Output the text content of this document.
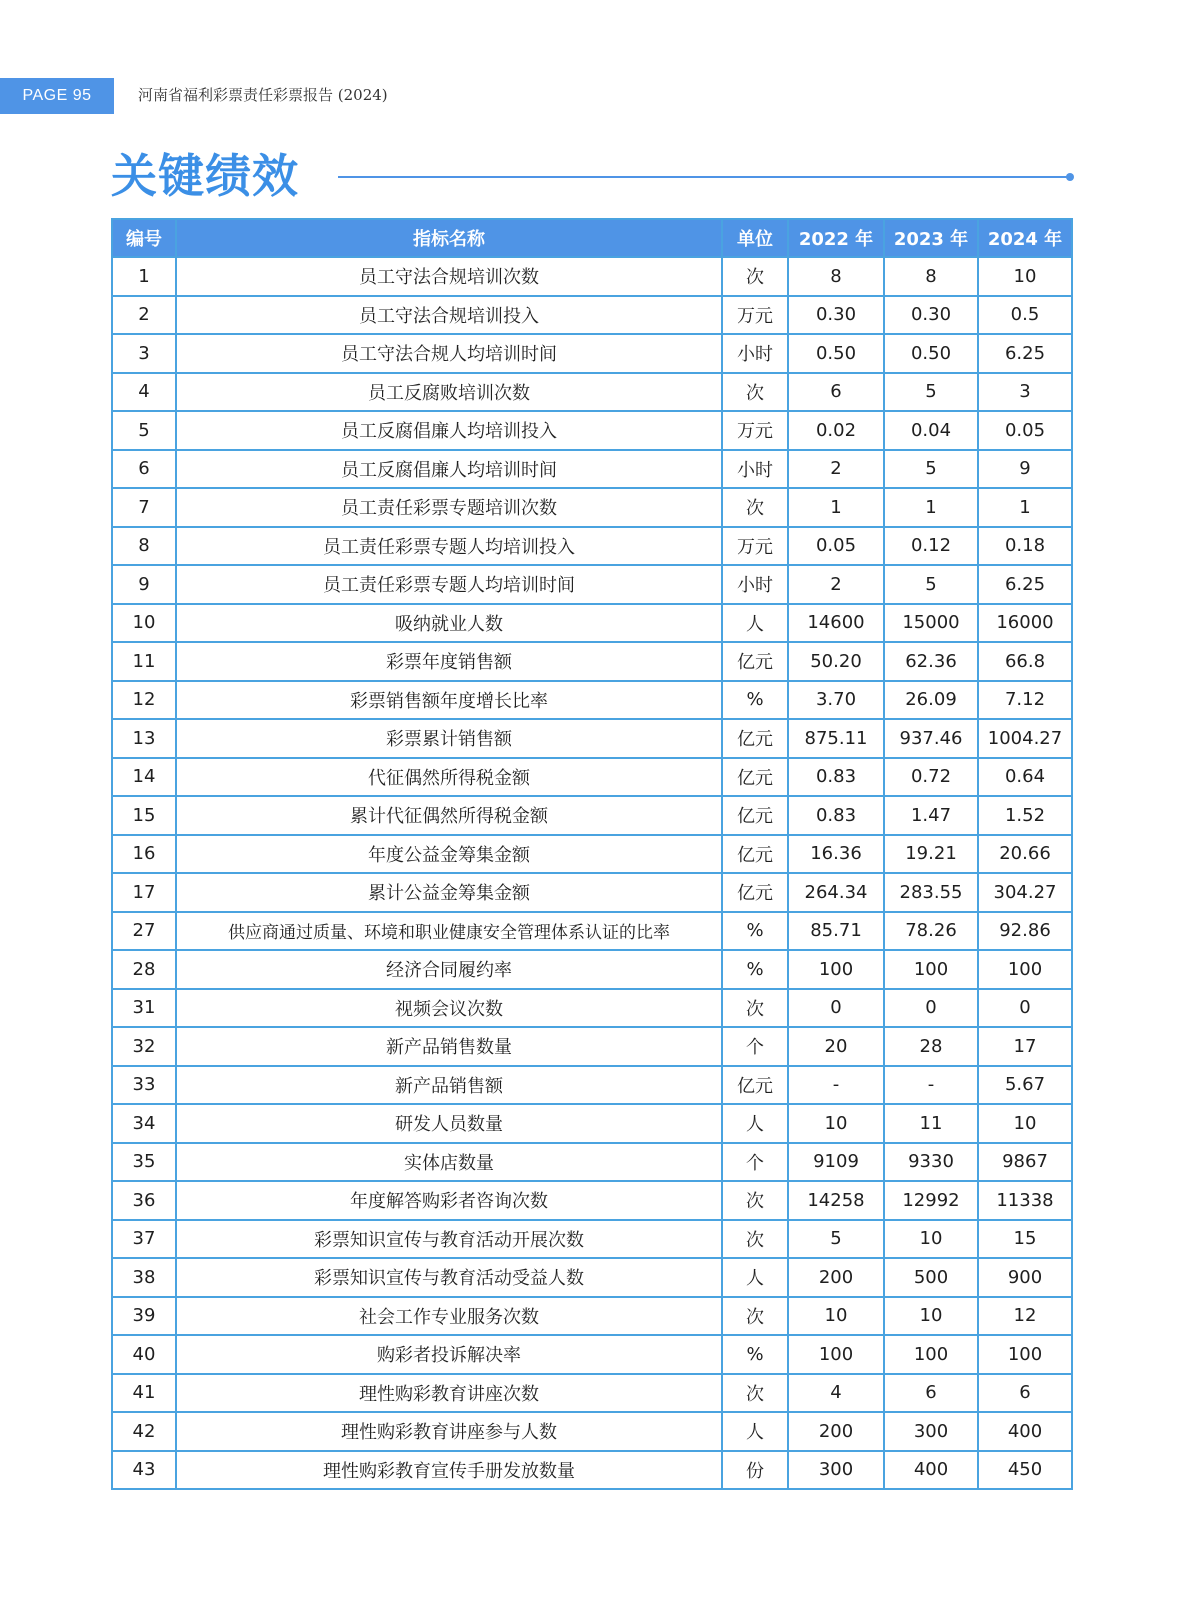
PAGE 95	河南省福利彩票责任彩票报告 (2024)
关键绩效
编号	指标名称	单位	2022 年	2023 年	2024 年
1	员工守法合规培训次数	次	8	8	10
2	员工守法合规培训投入	万元	0.30	0.30	0.5
3	员工守法合规人均培训时间	小时	0.50	0.50	6.25
4	员工反腐败培训次数	次	6	5	3
5	员工反腐倡廉人均培训投入	万元	0.02	0.04	0.05
6	员工反腐倡廉人均培训时间	小时	2	5	9
7	员工责任彩票专题培训次数	次	1	1	1
8	员工责任彩票专题人均培训投入	万元	0.05	0.12	0.18
9	员工责任彩票专题人均培训时间	小时	2	5	6.25
10	吸纳就业人数	人	14600	15000	16000
11	彩票年度销售额	亿元	50.20	62.36	66.8
12	彩票销售额年度增长比率	%	3.70	26.09	7.12
13	彩票累计销售额	亿元	875.11	937.46	1004.27
14	代征偶然所得税金额	亿元	0.83	0.72	0.64
15	累计代征偶然所得税金额	亿元	0.83	1.47	1.52
16	年度公益金筹集金额	亿元	16.36	19.21	20.66
17	累计公益金筹集金额	亿元	264.34	283.55	304.27
27	供应商通过质量、环境和职业健康安全管理体系认证的比率	%	85.71	78.26	92.86
28	经济合同履约率	%	100	100	100
31	视频会议次数	次	0	0	0
32	新产品销售数量	个	20	28	17
33	新产品销售额	亿元	-	-	5.67
34	研发人员数量	人	10	11	10
35	实体店数量	个	9109	9330	9867
36	年度解答购彩者咨询次数	次	14258	12992	11338
37	彩票知识宣传与教育活动开展次数	次	5	10	15
38	彩票知识宣传与教育活动受益人数	人	200	500	900
39	社会工作专业服务次数	次	10	10	12
40	购彩者投诉解决率	%	100	100	100
41	理性购彩教育讲座次数	次	4	6	6
42	理性购彩教育讲座参与人数	人	200	300	400
43	理性购彩教育宣传手册发放数量	份	300	400	450
